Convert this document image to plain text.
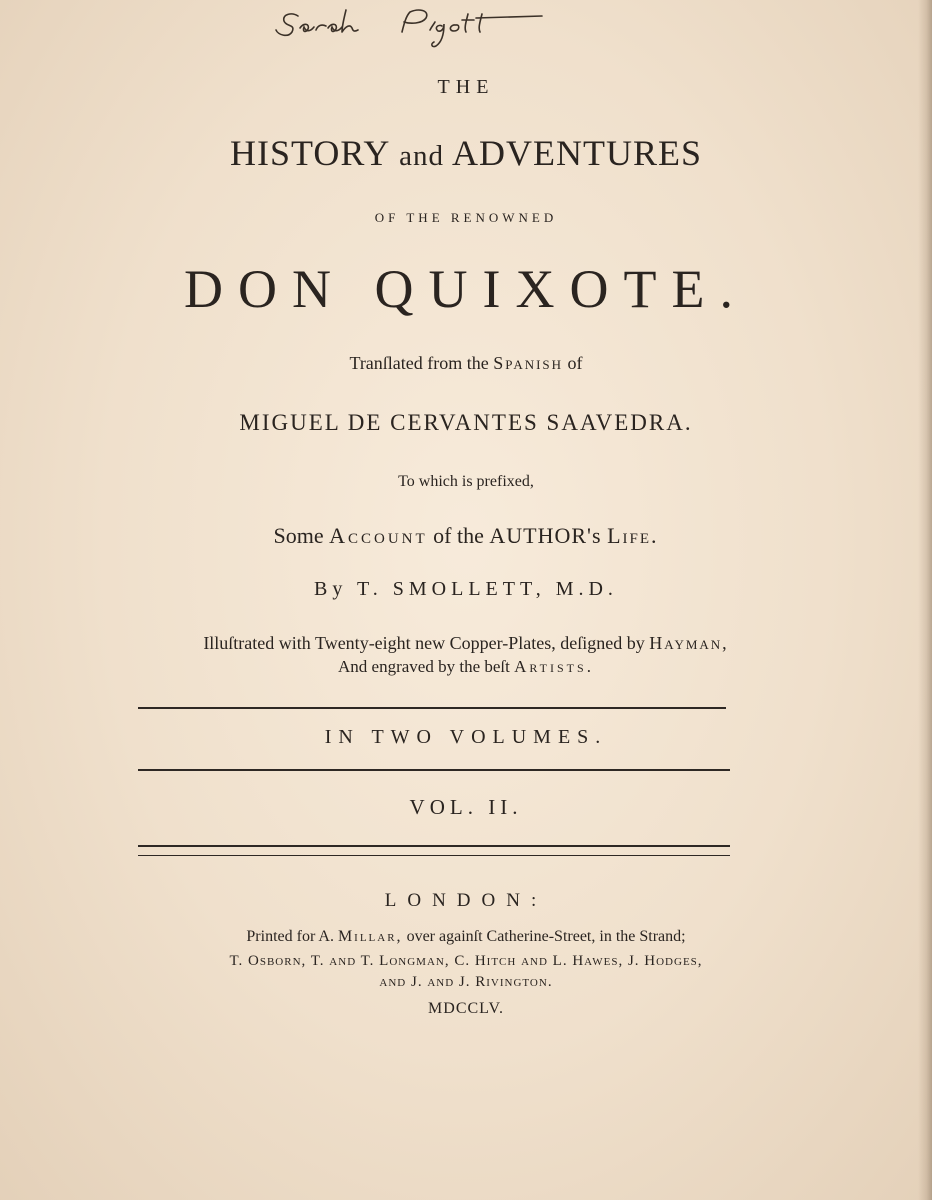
THE
HISTORY and ADVENTURES
OF THE RENOWNED
DON QUIXOTE.
Tranſlated from the Spanish of
MIGUEL DE CERVANTES SAAVEDRA.
To which is prefixed,
Some Account of the AUTHOR's Life.
By T. SMOLLETT, M.D.
Illuſtrated with Twenty-eight new Copper-Plates, deſigned by Hayman,
And engraved by the beſt Artists.
IN TWO VOLUMES.
VOL. II.
LONDON:
Printed for A. Millar, over againſt Catherine-Street, in the Strand;
T. Osborn, T. and T. Longman, C. Hitch and L. Hawes, J. Hodges,
and J. and J. Rivington.
MDCCLV.
